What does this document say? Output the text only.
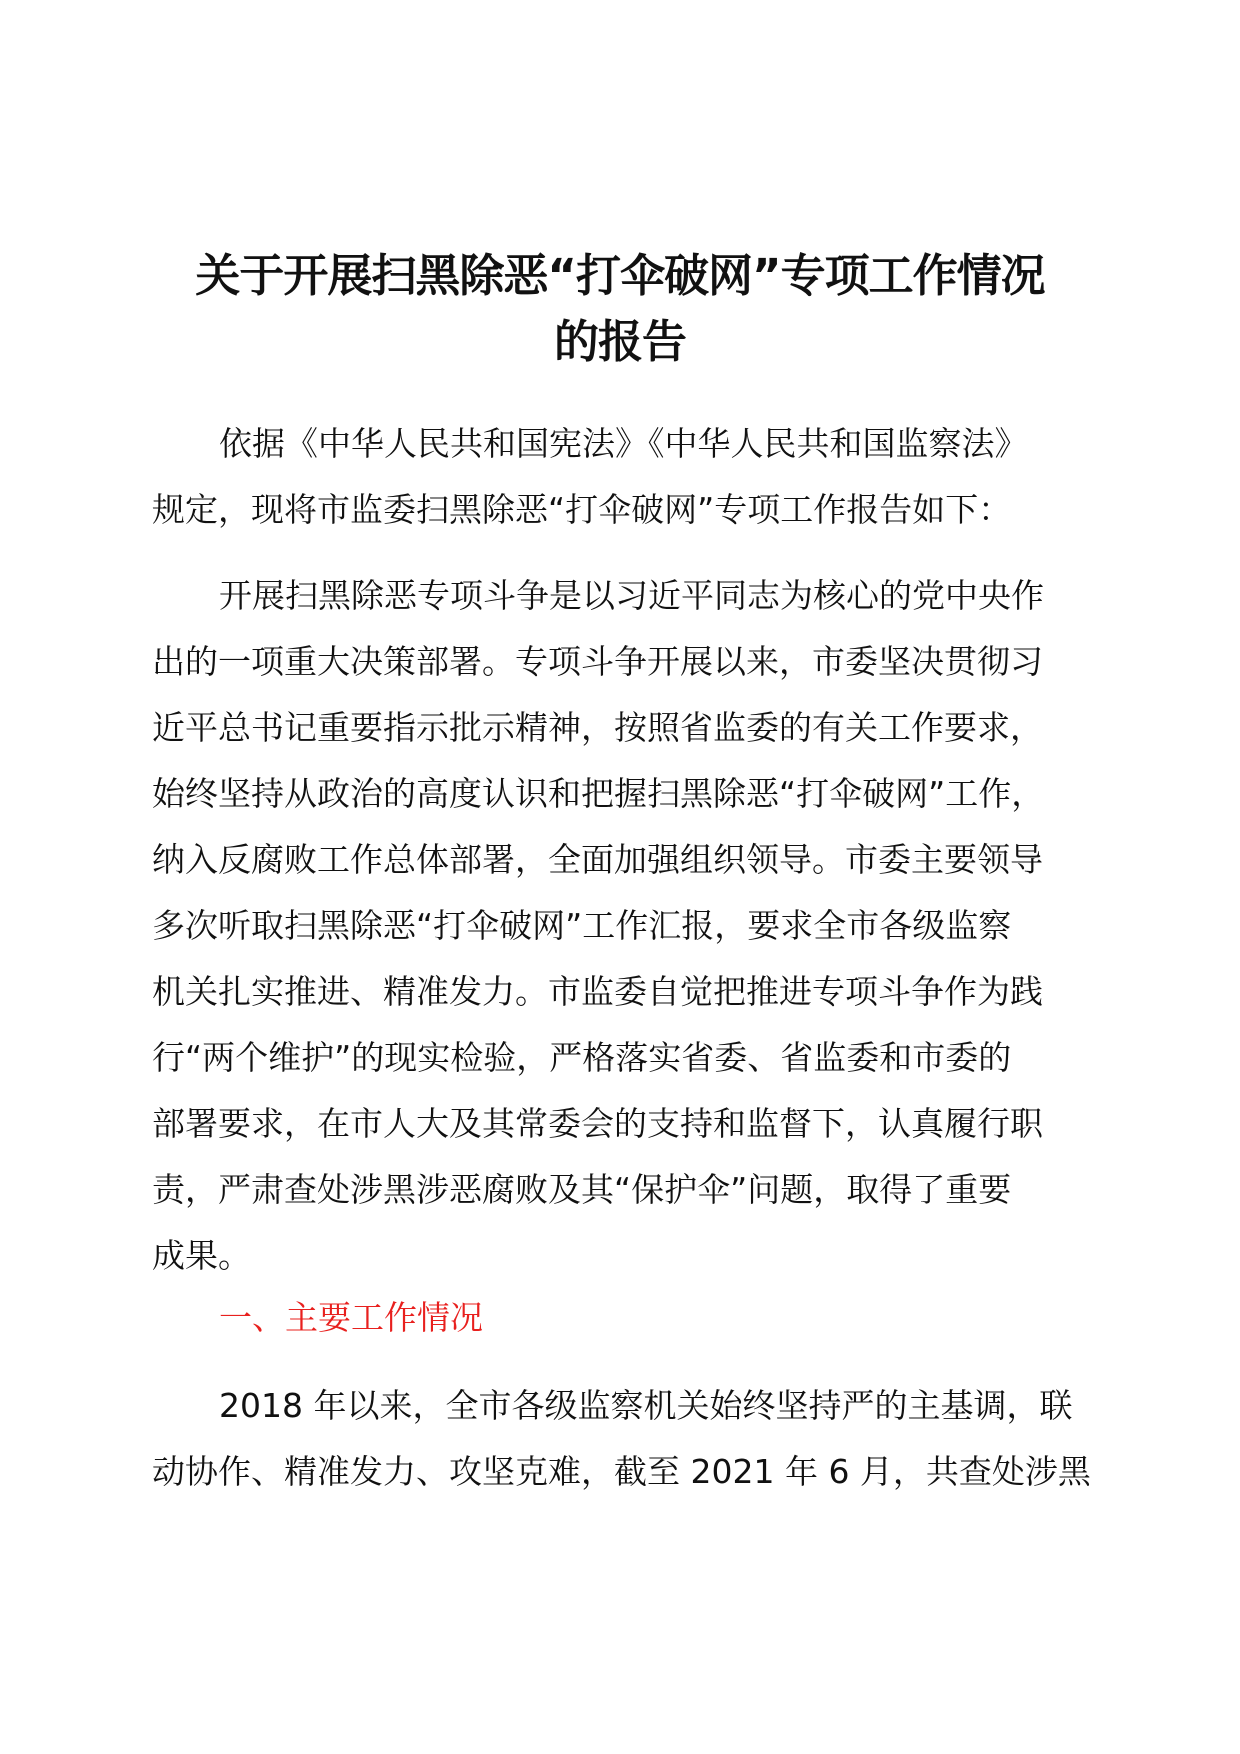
关于开展扫黑除恶“打伞破网”专项工作情况
的报告
依据《中华人民共和国宪法》《中华人民共和国监察法》
规定，现将市监委扫黑除恶“打伞破网”专项工作报告如下：
开展扫黑除恶专项斗争是以习近平同志为核心的党中央作
出的一项重大决策部署。专项斗争开展以来，市委坚决贯彻习
近平总书记重要指示批示精神，按照省监委的有关工作要求，
始终坚持从政治的高度认识和把握扫黑除恶“打伞破网”工作，
纳入反腐败工作总体部署，全面加强组织领导。市委主要领导
多次听取扫黑除恶“打伞破网”工作汇报，要求全市各级监察
机关扎实推进、精准发力。市监委自觉把推进专项斗争作为践
行“两个维护”的现实检验，严格落实省委、省监委和市委的
部署要求，在市人大及其常委会的支持和监督下，认真履行职
责，严肃查处涉黑涉恶腐败及其“保护伞”问题，取得了重要
成果。
一、主要工作情况
2018 年以来，全市各级监察机关始终坚持严的主基调，联
动协作、精准发力、攻坚克难，截至 2021 年 6 月，共查处涉黑
